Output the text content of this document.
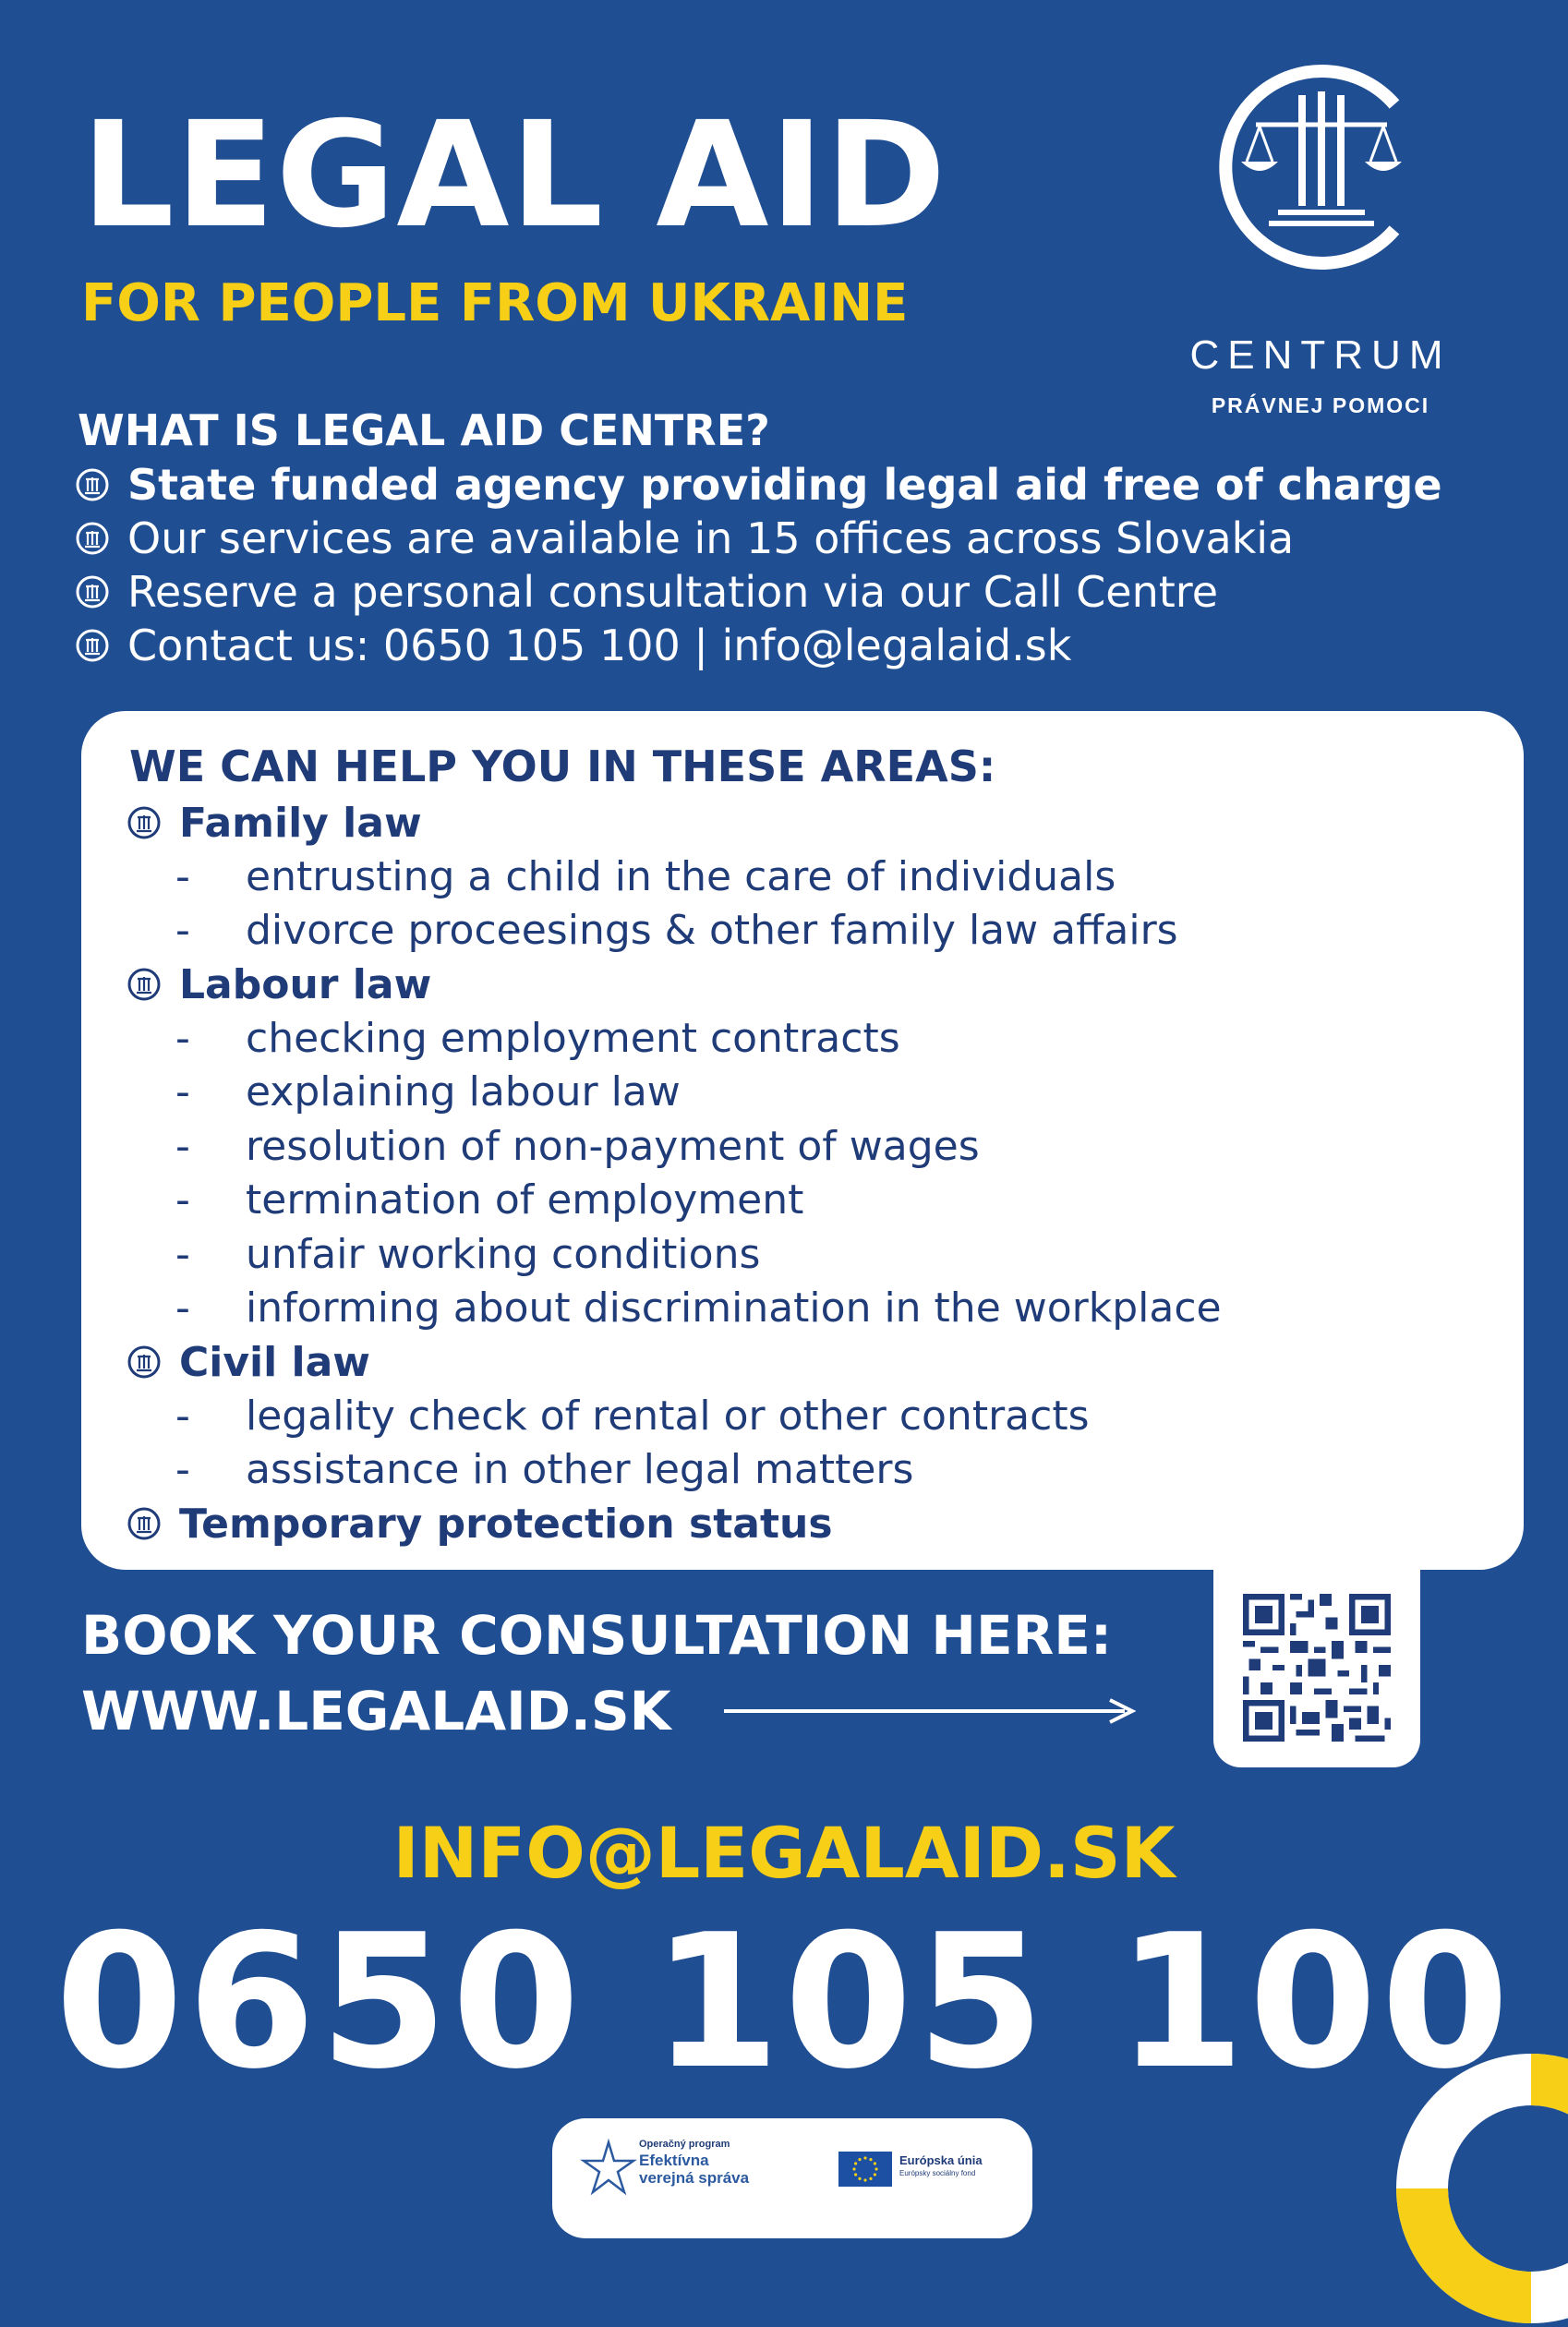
LEGAL AID
FOR PEOPLE FROM UKRAINE
CENTRUM
PRÁVNEJ POMOCI
WHAT IS LEGAL AID CENTRE?
State funded agency providing legal aid free of charge
Our services are available in 15 offices across Slovakia
Reserve a personal consultation via our Call Centre
Contact us: 0650 105 100 | info@legalaid.sk
WE CAN HELP YOU IN THESE AREAS:
Family law
-	entrusting a child in the care of individuals
-	divorce proceesings & other family law affairs
Labour law
-	checking employment contracts
-	explaining labour law
-	resolution of non-payment of wages
-	termination of employment
-	unfair working conditions
-	informing about discrimination in the workplace
Civil law
-	legality check of rental or other contracts
-	assistance in other legal matters
Temporary protection status
BOOK YOUR CONSULTATION HERE:
WWW.LEGALAID.SK
INFO@LEGALAID.SK
0650 105 100
Operačný program
Efektívna
verejná správa
Európska únia
Európsky sociálny fond
